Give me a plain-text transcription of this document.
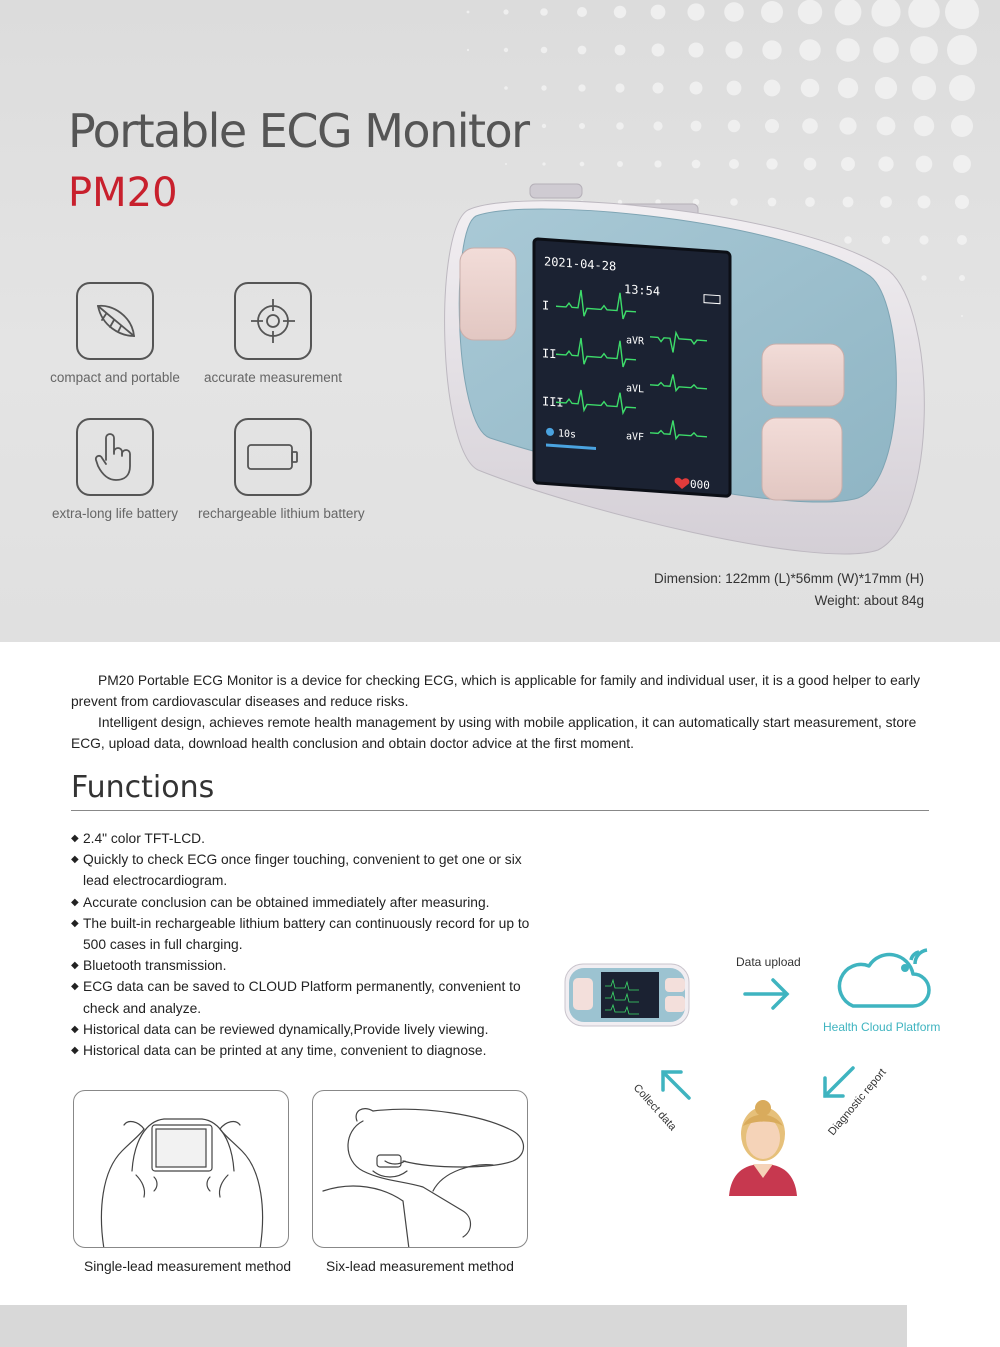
Portable ECG Monitor
PM20
compact and portable	accurate measurement
extra-long life battery	rechargeable lithium battery
2021-04-28
13:54
I
II
III
aVR
aVL
aVF
10s
000
Dimension: 122mm (L)*56mm (W)*17mm (H)
Weight: about 84g

PM20 Portable ECG Monitor is a device for checking ECG, which is applicable for family and individual user, it is a good helper to early prevent from cardiovascular diseases and reduce risks.

Intelligent design, achieves remote health management by using with mobile application, it can automatically start measurement, store ECG, upload data, download health conclusion and obtain doctor advice at the first moment.

Functions
◆ 2.4" color TFT-LCD.
◆ Quickly to check ECG once finger touching, convenient to get one or six lead electrocardiogram.
◆ Accurate conclusion can be obtained immediately after measuring.
◆ The built-in rechargeable lithium battery can continuously record for up to 500 cases in full charging.
◆ Bluetooth transmission.
◆ ECG data can be saved to CLOUD Platform permanently, convenient to check and analyze.
◆ Historical data can be reviewed dynamically,Provide lively viewing.
◆ Historical data can be printed at any time, convenient to diagnose.
Data upload
Health Cloud Platform
Collect data	Diagnostic report
Single-lead measurement method	Six-lead measurement method
